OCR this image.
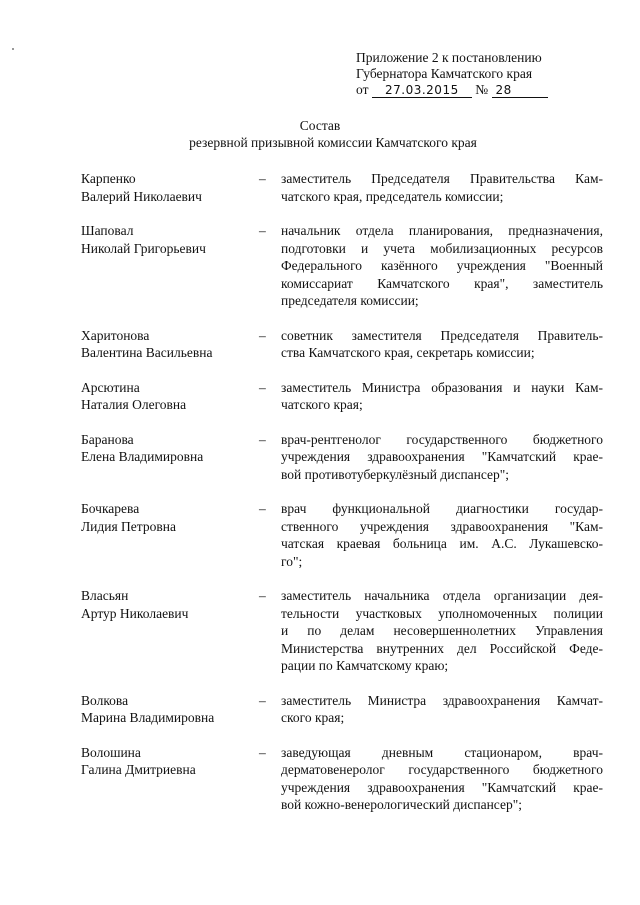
Приложение 2 к постановлению
Губернатора Камчатского края
от 27.03.2015 № 28
Состав
резервной призывной комиссии Камчатского края
Карпенко
Валерий Николаевич
–	заместитель Председателя Правительства Кам-
чатского края, председатель комиссии;
Шаповал
Николай Григорьевич
–	начальник отдела планирования, предназначения,
подготовки и учета мобилизационных ресурсов
Федерального казённого учреждения "Военный
комиссариат Камчатского края", заместитель
председателя комиссии;
Харитонова
Валентина Васильевна
–	советник заместителя Председателя Правитель-
ства Камчатского края, секретарь комиссии;
Арсютина
Наталия Олеговна
–	заместитель Министра образования и науки Кам-
чатского края;
Баранова
Елена Владимировна
–	врач-рентгенолог государственного бюджетного
учреждения здравоохранения "Камчатский крае-
вой противотуберкулёзный диспансер";
Бочкарева
Лидия Петровна
–	врач функциональной диагностики государ-
ственного учреждения здравоохранения "Кам-
чатская краевая больница им. А.С. Лукашевско-
го";
Власьян
Артур Николаевич
–	заместитель начальника отдела организации дея-
тельности участковых уполномоченных полиции
и по делам несовершеннолетних Управления
Министерства внутренних дел Российской Феде-
рации по Камчатскому краю;
Волкова
Марина Владимировна
–	заместитель Министра здравоохранения Камчат-
ского края;
Волошина
Галина Дмитриевна
–	заведующая дневным стационаром, врач-
дерматовенеролог государственного бюджетного
учреждения здравоохранения "Камчатский крае-
вой кожно-венерологический диспансер";
